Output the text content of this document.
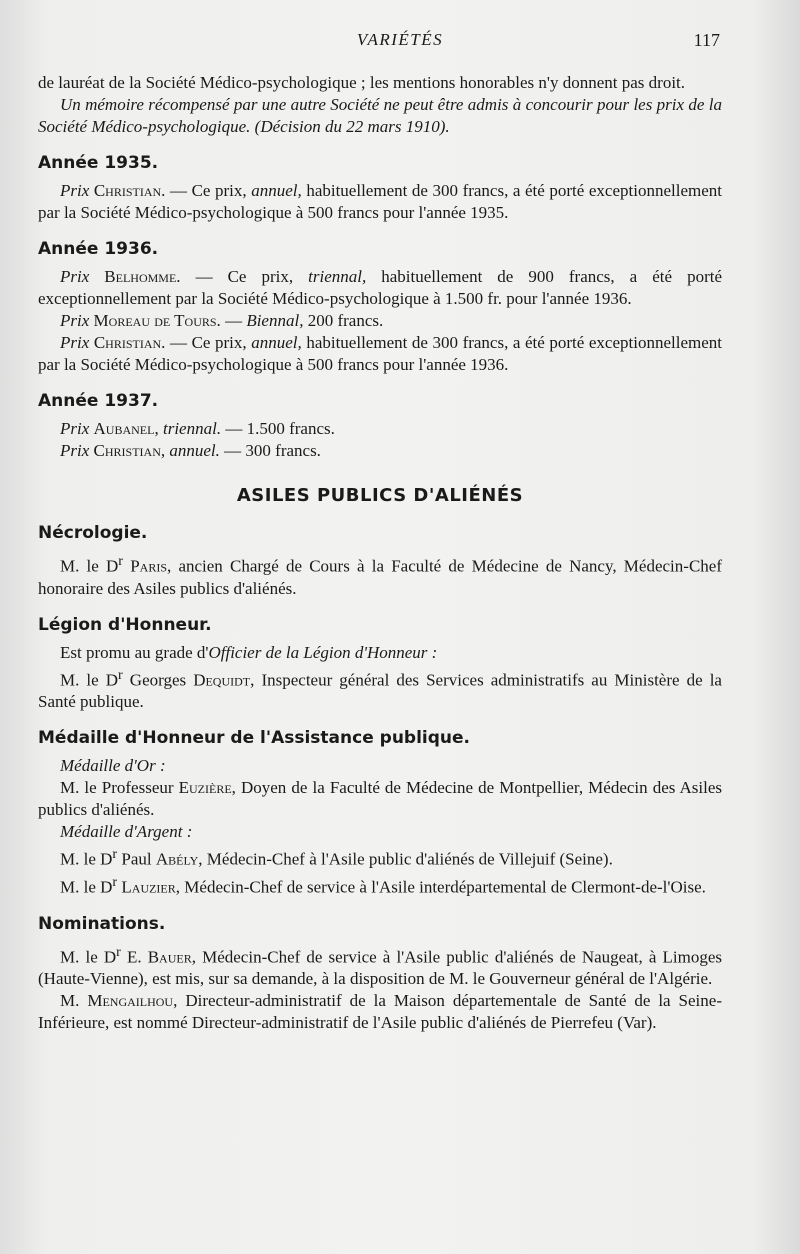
VARIÉTÉS	117

de lauréat de la Société Médico-psychologique ; les mentions honorables n'y donnent pas droit.

Un mémoire récompensé par une autre Société ne peut être admis à concourir pour les prix de la Société Médico-psychologique. (Décision du 22 mars 1910).

Année 1935.

Prix Christian. — Ce prix, annuel, habituellement de 300 francs, a été porté exceptionnellement par la Société Médico-psychologique à 500 francs pour l'année 1935.

Année 1936.

Prix Belhomme. — Ce prix, triennal, habituellement de 900 francs, a été porté exceptionnellement par la Société Médico-psychologique à 1.500 fr. pour l'année 1936.

Prix Moreau de Tours. — Biennal, 200 francs.

Prix Christian. — Ce prix, annuel, habituellement de 300 francs, a été porté exceptionnellement par la Société Médico-psychologique à 500 francs pour l'année 1936.

Année 1937.

Prix Aubanel, triennal. — 1.500 francs.

Prix Christian, annuel. — 300 francs.

ASILES PUBLICS D'ALIÉNÉS
Nécrologie.

M. le $D^r$ Paris, ancien Chargé de Cours à la Faculté de Médecine de Nancy, Médecin-Chef honoraire des Asiles publics d'aliénés.

Légion d'Honneur.

Est promu au grade d'Officier de la Légion d'Honneur :

M. le $D^r$ Georges Dequidt, Inspecteur général des Services administratifs au Ministère de la Santé publique.

Médaille d'Honneur de l'Assistance publique.

Médaille d'Or :

M. le Professeur Euzière, Doyen de la Faculté de Médecine de Montpellier, Médecin des Asiles publics d'aliénés.

Médaille d'Argent :

M. le $D^r$ Paul Abély, Médecin-Chef à l'Asile public d'aliénés de Villejuif (Seine).

M. le $D^r$ Lauzier, Médecin-Chef de service à l'Asile interdépartemental de Clermont-de-l'Oise.

Nominations.

M. le $D^r$ E. Bauer, Médecin-Chef de service à l'Asile public d'aliénés de Naugeat, à Limoges (Haute-Vienne), est mis, sur sa demande, à la disposition de M. le Gouverneur général de l'Algérie.

M. Mengailhou, Directeur-administratif de la Maison départementale de Santé de la Seine-Inférieure, est nommé Directeur-administratif de l'Asile public d'aliénés de Pierrefeu (Var).
